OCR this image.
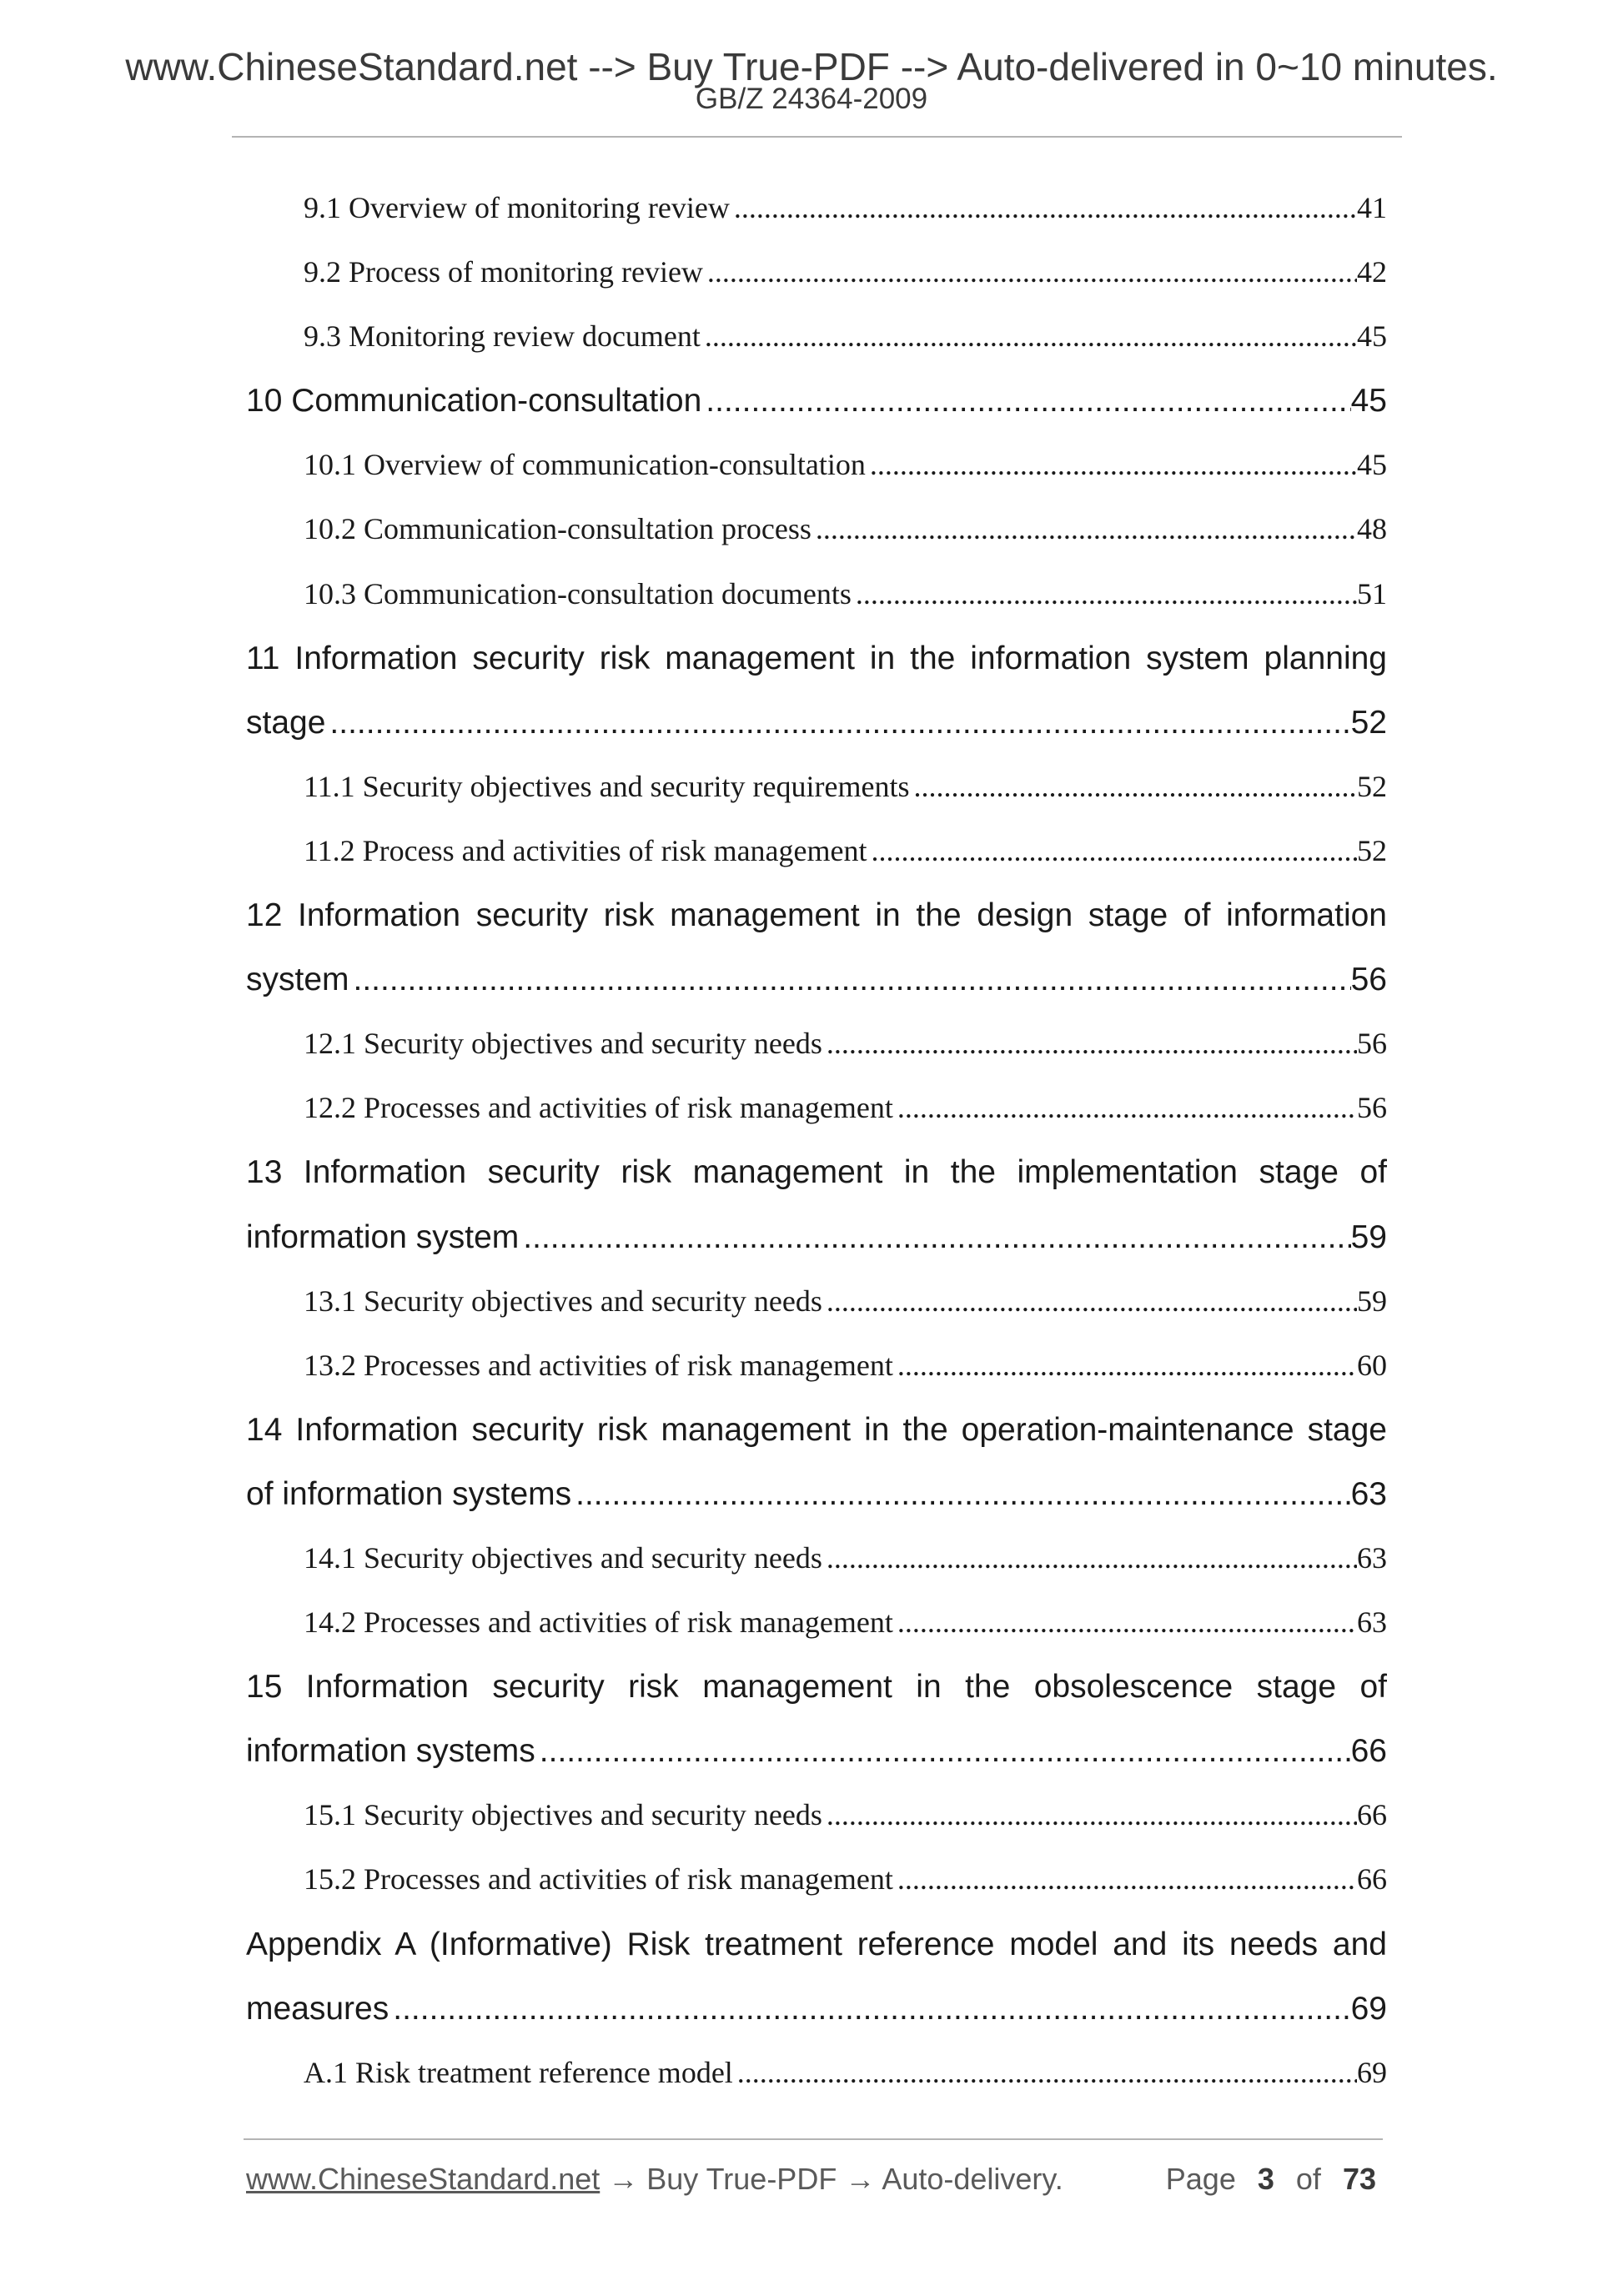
www.ChineseStandard.net --> Buy True-PDF --> Auto-delivered in 0~10 minutes.
GB/Z 24364-2009
9.1 Overview of monitoring review .....	41
9.2 Process of monitoring review .....	42
9.3 Monitoring review document .....	45
10 Communication-consultation .....	45
10.1 Overview of communication-consultation .....	45
10.2 Communication-consultation process .....	48
10.3 Communication-consultation documents .....	51
11 Information security risk management in the information system planning
stage .....	52
11.1 Security objectives and security requirements .....	52
11.2 Process and activities of risk management .....	52
12 Information security risk management in the design stage of information
system .....	56
12.1 Security objectives and security needs .....	56
12.2 Processes and activities of risk management .....	56
13 Information security risk management in the implementation stage of
information system .....	59
13.1 Security objectives and security needs .....	59
13.2 Processes and activities of risk management .....	60
14 Information security risk management in the operation-maintenance stage
of information systems .....	63
14.1 Security objectives and security needs .....	63
14.2 Processes and activities of risk management .....	63
15 Information security risk management in the obsolescence stage of
information systems .....	66
15.1 Security objectives and security needs .....	66
15.2 Processes and activities of risk management .....	66
Appendix A (Informative) Risk treatment reference model and its needs and
measures .....	69
A.1 Risk treatment reference model .....	69
www.ChineseStandard.net → Buy True-PDF → Auto-delivery.	Page 3 of 73
